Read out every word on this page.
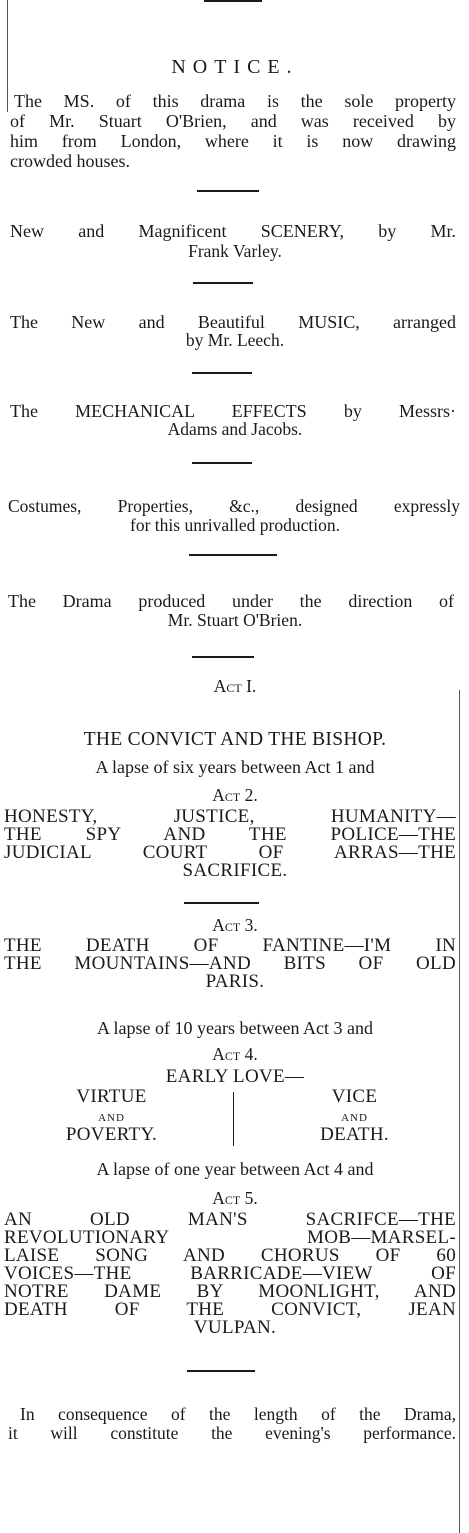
NOTICE.
The MS. of this drama is the sole property
of Mr. Stuart O'Brien, and was received by
him from London, where it is now drawing
crowded houses.
New and Magnificent SCENERY, by Mr.
Frank Varley.
The New and Beautiful MUSIC, arranged
by Mr. Leech.
The MECHANICAL EFFECTS by Messrs·
Adams and Jacobs.
Costumes, Properties, &c., designed expressly
for this unrivalled production.
The Drama produced under the direction of
Mr. Stuart O'Brien.
Act I.
THE CONVICT AND THE BISHOP.
A lapse of six years between Act 1 and
Act 2.
HONESTY, JUSTICE, HUMANITY—
THE SPY AND THE POLICE—THE
JUDICIAL COURT OF ARRAS—THE
SACRIFICE.
Act 3.
THE DEATH OF FANTINE—I'M IN
THE MOUNTAINS—AND BITS OF OLD
PARIS.
A lapse of 10 years between Act 3 and
Act 4.
EARLY LOVE—
VIRTUE
AND
POVERTY.
VICE
AND
DEATH.
A lapse of one year between Act 4 and
Act 5.
AN OLD MAN'S SACRIFCE—THE
REVOLUTIONARY MOB—MARSEL-
LAISE SONG AND CHORUS OF 60
VOICES—THE BARRICADE—VIEW OF
NOTRE DAME BY MOONLIGHT, AND
DEATH OF THE CONVICT, JEAN
VULPAN.
In consequence of the length of the Drama,
it will constitute the evening's performance.
